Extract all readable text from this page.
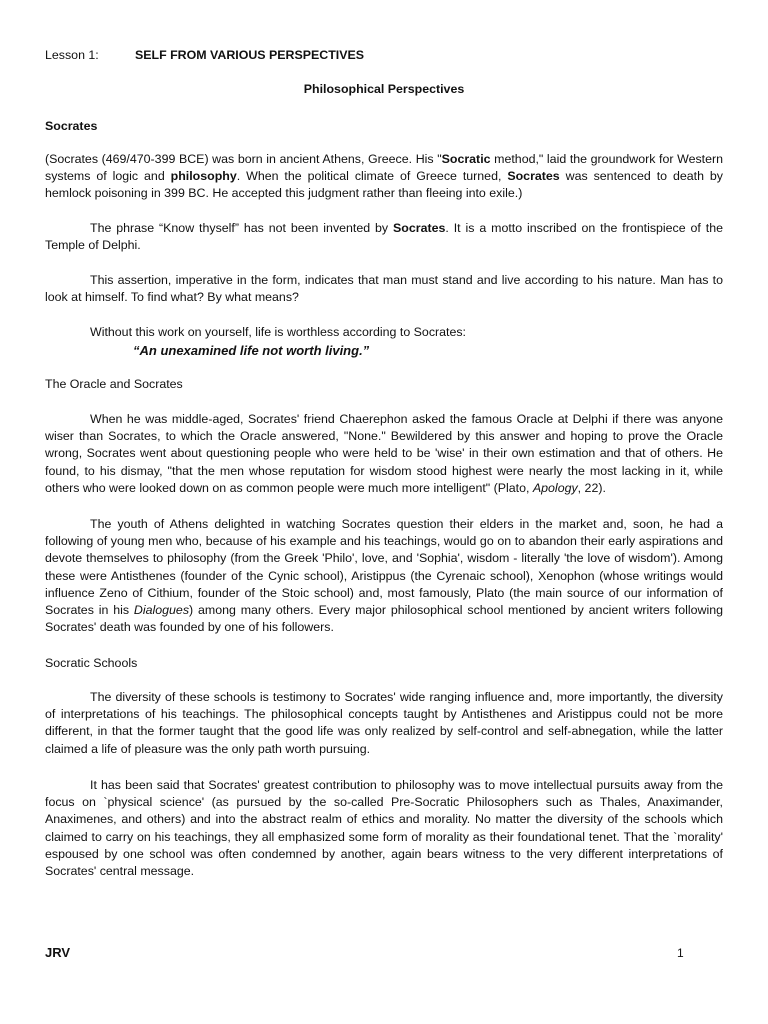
Lesson 1:	SELF FROM VARIOUS PERSPECTIVES
Philosophical Perspectives
Socrates

(Socrates (469/470-399 BCE) was born in ancient Athens, Greece. His "Socratic method," laid the groundwork for Western systems of logic and philosophy. When the political climate of Greece turned, Socrates was sentenced to death by hemlock poisoning in 399 BC. He accepted this judgment rather than fleeing into exile.)

The phrase “Know thyself” has not been invented by Socrates. It is a motto inscribed on the frontispiece of the Temple of Delphi.

This assertion, imperative in the form, indicates that man must stand and live according to his nature. Man has to look at himself. To find what? By what means?

Without this work on yourself, life is worthless according to Socrates:

“An unexamined life not worth living.”
The Oracle and Socrates

When he was middle-aged, Socrates' friend Chaerephon asked the famous Oracle at Delphi if there was anyone wiser than Socrates, to which the Oracle answered, "None." Bewildered by this answer and hoping to prove the Oracle wrong, Socrates went about questioning people who were held to be 'wise' in their own estimation and that of others. He found, to his dismay, "that the men whose reputation for wisdom stood highest were nearly the most lacking in it, while others who were looked down on as common people were much more intelligent" (Plato, Apology, 22).

The youth of Athens delighted in watching Socrates question their elders in the market and, soon, he had a following of young men who, because of his example and his teachings, would go on to abandon their early aspirations and devote themselves to philosophy (from the Greek 'Philo', love, and 'Sophia', wisdom - literally 'the love of wisdom'). Among these were Antisthenes (founder of the Cynic school), Aristippus (the Cyrenaic school), Xenophon (whose writings would influence Zeno of Cithium, founder of the Stoic school) and, most famously, Plato (the main source of our information of Socrates in his Dialogues) among many others. Every major philosophical school mentioned by ancient writers following Socrates' death was founded by one of his followers.

Socratic Schools

The diversity of these schools is testimony to Socrates' wide ranging influence and, more importantly, the diversity of interpretations of his teachings. The philosophical concepts taught by Antisthenes and Aristippus could not be more different, in that the former taught that the good life was only realized by self-control and self-abnegation, while the latter claimed a life of pleasure was the only path worth pursuing.

It has been said that Socrates' greatest contribution to philosophy was to move intellectual pursuits away from the focus on `physical science' (as pursued by the so-called Pre-Socratic Philosophers such as Thales, Anaximander, Anaximenes, and others) and into the abstract realm of ethics and morality. No matter the diversity of the schools which claimed to carry on his teachings, they all emphasized some form of morality as their foundational tenet. That the `morality' espoused by one school was often condemned by another, again bears witness to the very different interpretations of Socrates' central message.

JRV	1
